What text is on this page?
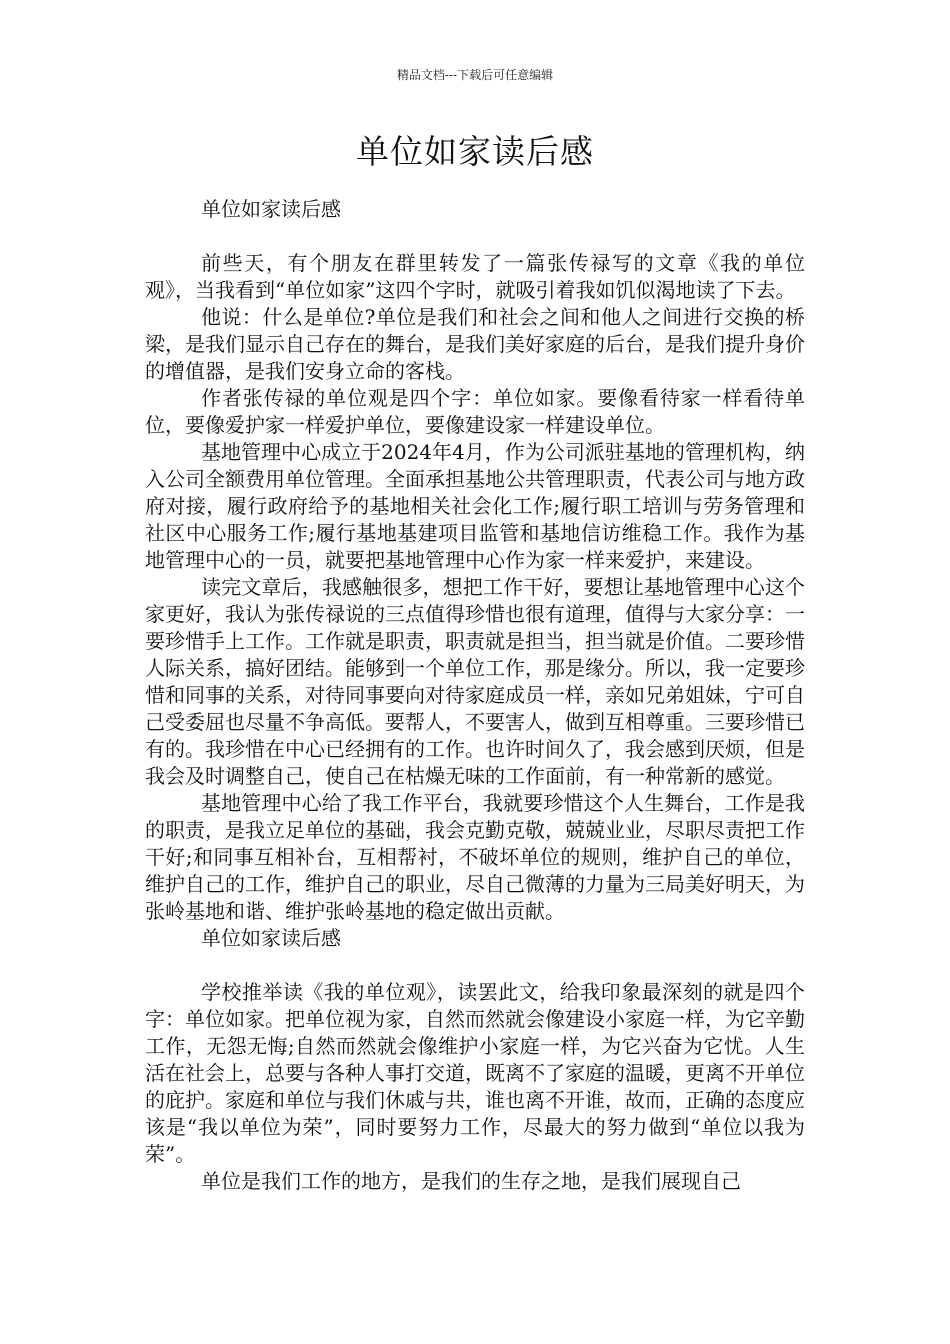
精品文档---下载后可任意编辑
单位如家读后感

单位如家读后感

前些天，有个朋友在群里转发了一篇张传禄写的文章《我的单位观》，当我看到“单位如家”这四个字时，就吸引着我如饥似渴地读了下去。

他说：什么是单位?单位是我们和社会之间和他人之间进行交换的桥梁，是我们显示自己存在的舞台，是我们美好家庭的后台，是我们提升身价的增值器，是我们安身立命的客栈。

作者张传禄的单位观是四个字：单位如家。要像看待家一样看待单位，要像爱护家一样爱护单位，要像建设家一样建设单位。

基地管理中心成立于2024年4月，作为公司派驻基地的管理机构，纳入公司全额费用单位管理。全面承担基地公共管理职责，代表公司与地方政府对接，履行政府给予的基地相关社会化工作;履行职工培训与劳务管理和社区中心服务工作;履行基地基建项目监管和基地信访维稳工作。我作为基地管理中心的一员，就要把基地管理中心作为家一样来爱护，来建设。

读完文章后，我感触很多，想把工作干好，要想让基地管理中心这个家更好，我认为张传禄说的三点值得珍惜也很有道理，值得与大家分享：一要珍惜手上工作。工作就是职责，职责就是担当，担当就是价值。二要珍惜人际关系，搞好团结。能够到一个单位工作，那是缘分。所以，我一定要珍惜和同事的关系，对待同事要向对待家庭成员一样，亲如兄弟姐妹，宁可自己受委屈也尽量不争高低。要帮人，不要害人，做到互相尊重。三要珍惜已有的。我珍惜在中心已经拥有的工作。也许时间久了，我会感到厌烦，但是我会及时调整自己，使自己在枯燥无味的工作面前，有一种常新的感觉。

基地管理中心给了我工作平台，我就要珍惜这个人生舞台，工作是我的职责，是我立足单位的基础，我会克勤克敬，兢兢业业，尽职尽责把工作干好;和同事互相补台，互相帮衬，不破坏单位的规则，维护自己的单位，维护自己的工作，维护自己的职业，尽自己微薄的力量为三局美好明天，为张岭基地和谐、维护张岭基地的稳定做出贡献。

单位如家读后感

学校推举读《我的单位观》，读罢此文，给我印象最深刻的就是四个字：单位如家。把单位视为家，自然而然就会像建设小家庭一样，为它辛勤工作，无怨无悔;自然而然就会像维护小家庭一样，为它兴奋为它忧。人生活在社会上，总要与各种人事打交道，既离不了家庭的温暖，更离不开单位的庇护。家庭和单位与我们休戚与共，谁也离不开谁，故而，正确的态度应该是“我以单位为荣”，同时要努力工作，尽最大的努力做到“单位以我为荣”。

单位是我们工作的地方，是我们的生存之地，是我们展现自己
